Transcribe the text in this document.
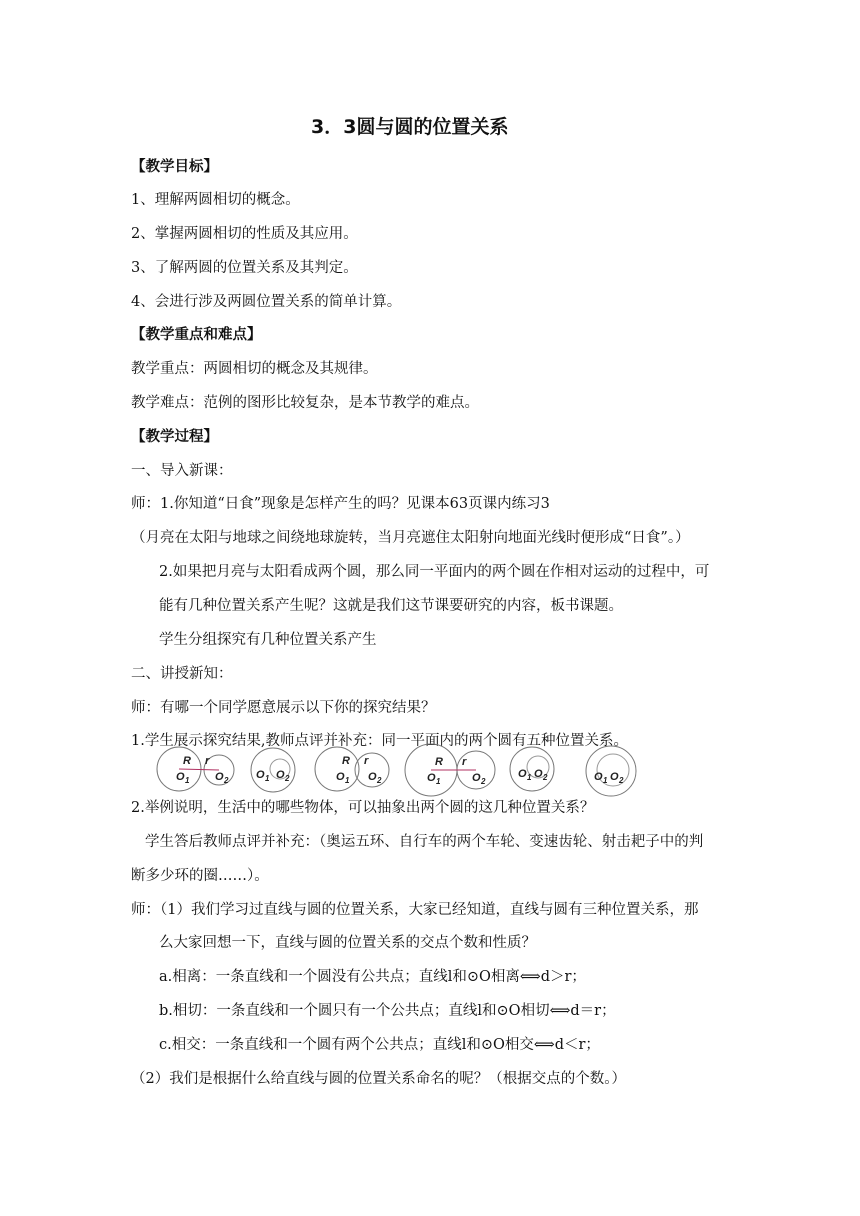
3．3圆与圆的位置关系
【教学目标】
1、理解两圆相切的概念。
2、掌握两圆相切的性质及其应用。
3、了解两圆的位置关系及其判定。
4、会进行涉及两圆位置关系的简单计算。
【教学重点和难点】
教学重点：两圆相切的概念及其规律。
教学难点：范例的图形比较复杂，是本节教学的难点。
【教学过程】
一、导入新课：
师：1.你知道“日食”现象是怎样产生的吗？见课本63页课内练习3
（月亮在太阳与地球之间绕地球旋转，当月亮遮住太阳射向地面光线时便形成“日食”。）
2.如果把月亮与太阳看成两个圆，那么同一平面内的两个圆在作相对运动的过程中，可
能有几种位置关系产生呢？这就是我们这节课要研究的内容，板书课题。
学生分组探究有几种位置关系产生
二、讲授新知：
师：有哪一个同学愿意展示以下你的探究结果？
1.学生展示探究结果,教师点评并补充：同一平面内的两个圆有五种位置关系。
R r
O 1 O 2	O 1 O 2
R r
O 1 O 2
R r
O 1	O 2
O 1 O 2	O 1 O 2
2.举例说明，生活中的哪些物体，可以抽象出两个圆的这几种位置关系？
学生答后教师点评并补充：（奥运五环、自行车的两个车轮、变速齿轮、射击耙子中的判
断多少环的圈……）。
师：（1）我们学习过直线与圆的位置关系，大家已经知道，直线与圆有三种位置关系，那
么大家回想一下，直线与圆的位置关系的交点个数和性质？
a.相离：一条直线和一个圆没有公共点；直线l和⊙O相离⟺d＞r；
b.相切：一条直线和一个圆只有一个公共点；直线l和⊙O相切⟺d＝r；
c.相交：一条直线和一个圆有两个公共点；直线l和⊙O相交⟺d＜r；
（2）我们是根据什么给直线与圆的位置关系命名的呢？（根据交点的个数。）
